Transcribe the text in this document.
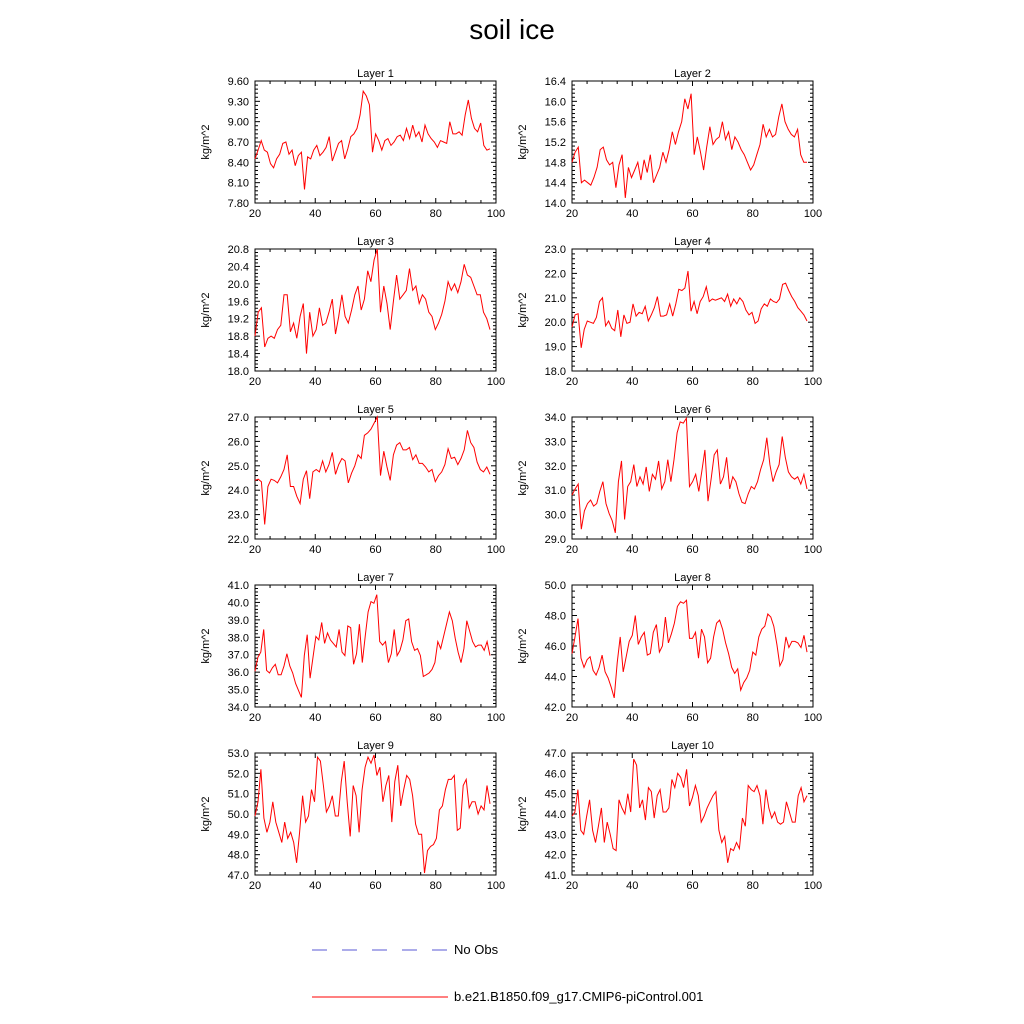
soil ice
Layer 1
kg/m^2
7.80
8.10
8.40
8.70
9.00
9.30
9.60
20	40	60	80	100
Layer 2
kg/m^2
14.0
14.4
14.8
15.2
15.6
16.0
16.4
20	40	60	80	100
Layer 3
kg/m^2
18.0
18.4
18.8
19.2
19.6
20.0
20.4
20.8
20	40	60	80	100
Layer 4
kg/m^2
18.0
19.0
20.0
21.0
22.0
23.0
20	40	60	80	100
Layer 5
kg/m^2
22.0
23.0
24.0
25.0
26.0
27.0
20	40	60	80	100
Layer 6
kg/m^2
29.0
30.0
31.0
32.0
33.0
34.0
20	40	60	80	100
Layer 7
kg/m^2
34.0
35.0
36.0
37.0
38.0
39.0
40.0
41.0
20	40	60	80	100
Layer 8
kg/m^2
42.0
44.0
46.0
48.0
50.0
20	40	60	80	100
Layer 9
kg/m^2
47.0
48.0
49.0
50.0
51.0
52.0
53.0
20	40	60	80	100
Layer 10
kg/m^2
41.0
42.0
43.0
44.0
45.0
46.0
47.0
20	40	60	80	100
No Obs
b.e21.B1850.f09_g17.CMIP6-piControl.001
